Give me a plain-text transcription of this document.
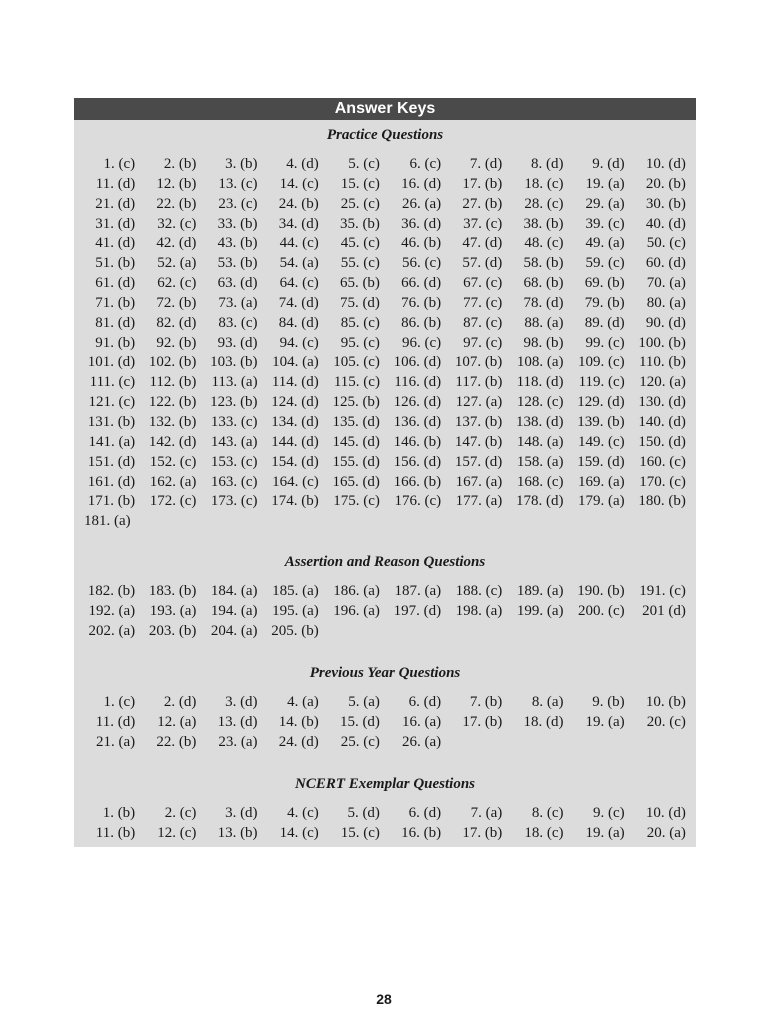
Answer Keys
Practice Questions
1. (c)	2. (b)	3. (b)	4. (d)	5. (c)	6. (c)	7. (d)	8. (d)	9. (d)	10. (d)
11. (d)	12. (b)	13. (c)	14. (c)	15. (c)	16. (d)	17. (b)	18. (c)	19. (a)	20. (b)
21. (d)	22. (b)	23. (c)	24. (b)	25. (c)	26. (a)	27. (b)	28. (c)	29. (a)	30. (b)
31. (d)	32. (c)	33. (b)	34. (d)	35. (b)	36. (d)	37. (c)	38. (b)	39. (c)	40. (d)
41. (d)	42. (d)	43. (b)	44. (c)	45. (c)	46. (b)	47. (d)	48. (c)	49. (a)	50. (c)
51. (b)	52. (a)	53. (b)	54. (a)	55. (c)	56. (c)	57. (d)	58. (b)	59. (c)	60. (d)
61. (d)	62. (c)	63. (d)	64. (c)	65. (b)	66. (d)	67. (c)	68. (b)	69. (b)	70. (a)
71. (b)	72. (b)	73. (a)	74. (d)	75. (d)	76. (b)	77. (c)	78. (d)	79. (b)	80. (a)
81. (d)	82. (d)	83. (c)	84. (d)	85. (c)	86. (b)	87. (c)	88. (a)	89. (d)	90. (d)
91. (b)	92. (b)	93. (d)	94. (c)	95. (c)	96. (c)	97. (c)	98. (b)	99. (c) 100. (b)
101. (d) 102. (b) 103. (b) 104. (a) 105. (c) 106. (d) 107. (b) 108. (a) 109. (c) 110. (b)
111. (c) 112. (b)	113. (a) 114. (d)	115. (c) 116. (d) 117. (b) 118. (d)	119. (c) 120. (a)
121. (c) 122. (b) 123. (b) 124. (d) 125. (b) 126. (d) 127. (a) 128. (c) 129. (d) 130. (d)
131. (b) 132. (b) 133. (c) 134. (d) 135. (d) 136. (d) 137. (b) 138. (d) 139. (b) 140. (d)
141. (a) 142. (d) 143. (a) 144. (d) 145. (d) 146. (b) 147. (b) 148. (a) 149. (c) 150. (d)
151. (d) 152. (c) 153. (c) 154. (d) 155. (d) 156. (d) 157. (d) 158. (a) 159. (d) 160. (c)
161. (d) 162. (a) 163. (c) 164. (c) 165. (d) 166. (b) 167. (a) 168. (c) 169. (a) 170. (c)
171. (b) 172. (c) 173. (c) 174. (b) 175. (c) 176. (c) 177. (a) 178. (d) 179. (a) 180. (b)
181. (a)
Assertion and Reason Questions
182. (b) 183. (b) 184. (a) 185. (a) 186. (a) 187. (a) 188. (c) 189. (a) 190. (b) 191. (c)
192. (a) 193. (a) 194. (a) 195. (a) 196. (a) 197. (d) 198. (a) 199. (a) 200. (c)	201 (d)
202. (a) 203. (b) 204. (a) 205. (b)
Previous Year Questions
1. (c)	2. (d)	3. (d)	4. (a)	5. (a)	6. (d)	7. (b)	8. (a)	9. (b)	10. (b)
11. (d)	12. (a)	13. (d)	14. (b)	15. (d)	16. (a)	17. (b)	18. (d)	19. (a)	20. (c)
21. (a)	22. (b)	23. (a)	24. (d)	25. (c)	26. (a)
NCERT Exemplar Questions
1. (b)	2. (c)	3. (d)	4. (c)	5. (d)	6. (d)	7. (a)	8. (c)	9. (c)	10. (d)
11. (b)	12. (c)	13. (b)	14. (c)	15. (c)	16. (b)	17. (b)	18. (c)	19. (a)	20. (a)
28
